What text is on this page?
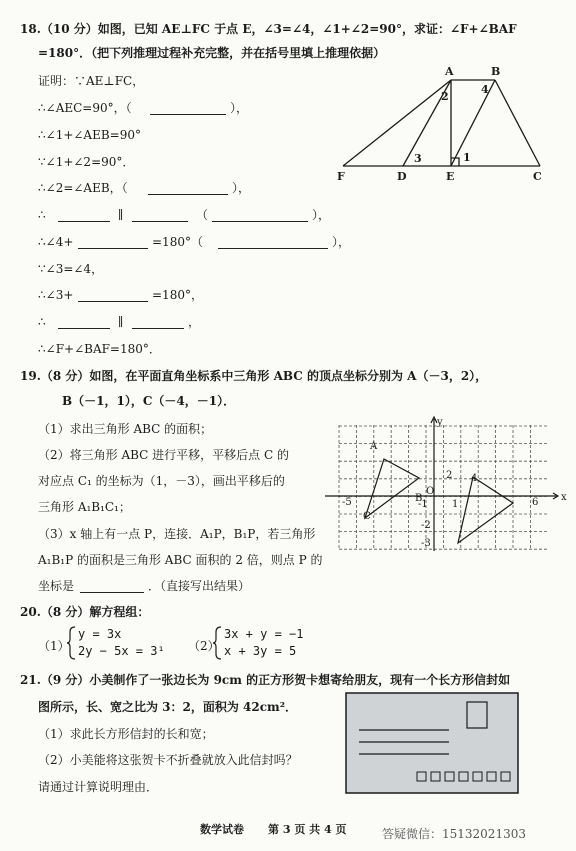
18.（10 分）如图，已知 AE⊥FC 于点 E，∠3=∠4，∠1+∠2=90°，求证：∠F+∠BAF
=180°．（把下列推理过程补充完整，并在括号里填上推理依据）
证明：∵AE⊥FC，
∴∠AEC=90°，（	），
∴∠1+∠AEB=90°
∵∠1+∠2=90°．
∴∠2=∠AEB，（	），
∴	∥	（	），
∴∠4+	=180°（	），
∵∠3=∠4，
∴∠3+	=180°，
∴	∥	，
∴∠F+∠BAF=180°．
A	B
F	D	E	C
1
2
3
4
19.（8 分）如图，在平面直角坐标系中三角形 ABC 的顶点坐标分别为 A（－3，2），
B（－1，1），C（－4，－1）．
（1）求出三角形 ABC 的面积；
（2）将三角形 ABC 进行平移，平移后点 C 的
对应点 C₁ 的坐标为（1，－3），画出平移后的
三角形 A₁B₁C₁；
（3）x 轴上有一点 P，连接．A₁P，B₁P，若三角形
A₁B₁P 的面积是三角形 ABC 面积的 2 倍，则点 P 的
坐标是	．（直接写出结果）
A
B
C
O
x
y
-5	-1 1	6
4
2
-2
-3
20.（8 分）解方程组：
（1）
y = 3x
2y − 5x = 3¹ （2）
3x + y = −1
x + 3y = 5
21.（9 分）小美制作了一张边长为 9cm 的正方形贺卡想寄给朋友，现有一个长方形信封如
图所示，长、宽之比为 3：2，面积为 42cm²．
（1）求此长方形信封的长和宽；
（2）小美能将这张贺卡不折叠就放入此信封吗？
请通过计算说明理由．
数学试卷 第 3 页 共 4 页	答疑微信：15132021303
